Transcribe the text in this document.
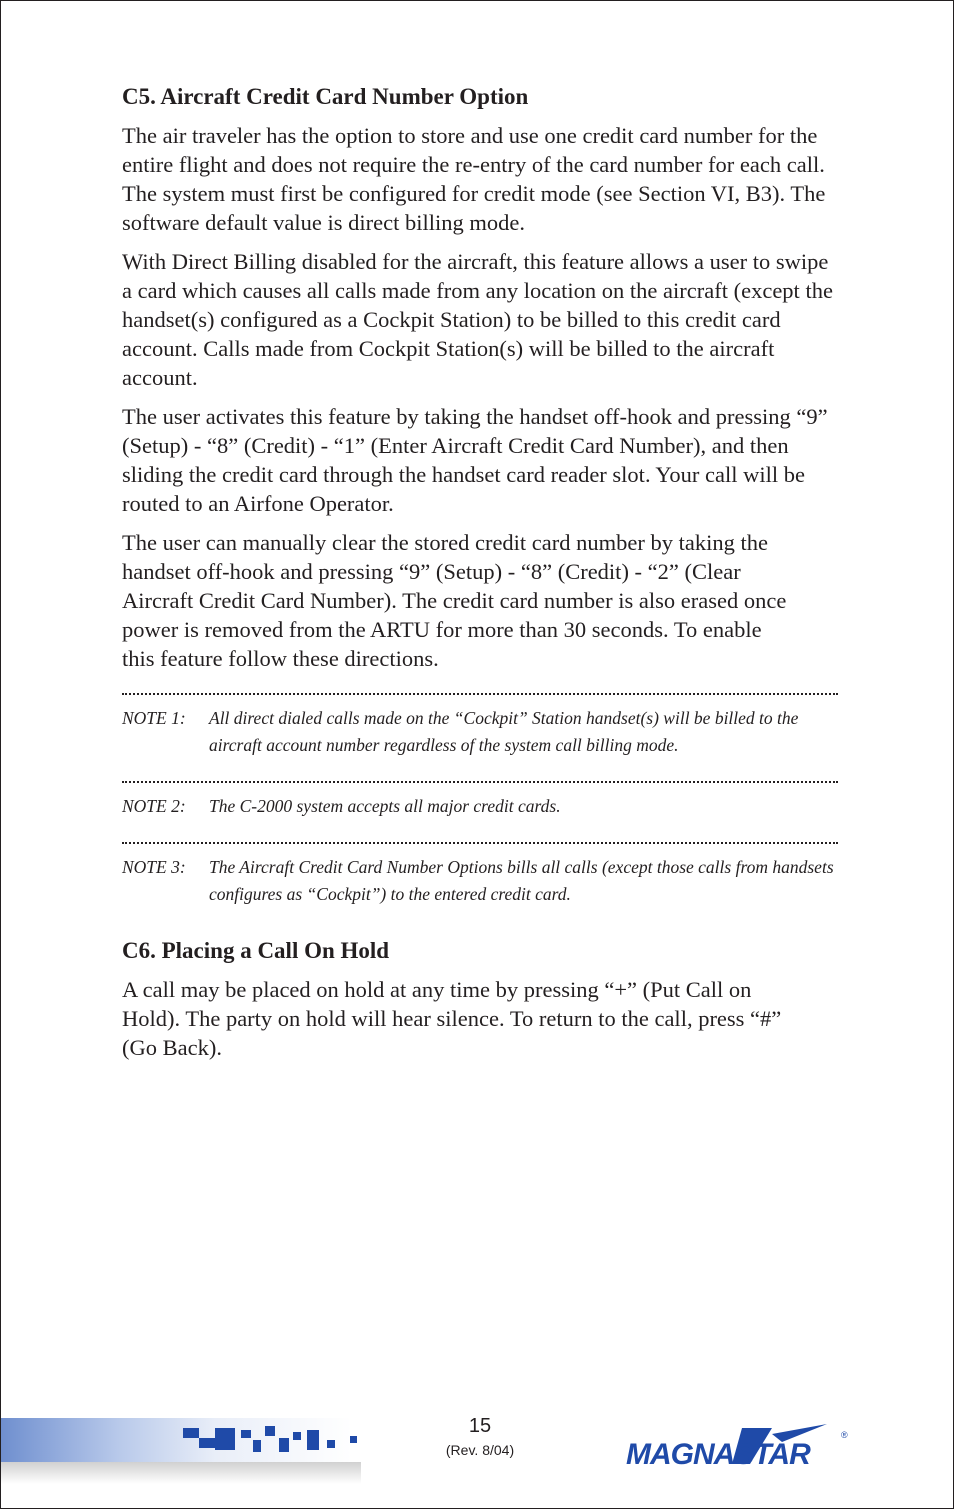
C5. Aircraft Credit Card Number Option

The air traveler has the option to store and use one credit card number for the entire flight and does not require the re-entry of the card number for each call. The system must first be configured for credit mode (see Section VI, B3). The software default value is direct billing mode.

With Direct Billing disabled for the aircraft, this feature allows a user to swipe a card which causes all calls made from any location on the aircraft (except the handset(s) configured as a Cockpit Station) to be billed to this credit card account. Calls made from Cockpit Station(s) will be billed to the aircraft account.

The user activates this feature by taking the handset off-hook and pressing “9” (Setup) - “8” (Credit) - “1” (Enter Aircraft Credit Card Number), and then sliding the credit card through the handset card reader slot. Your call will be routed to an Airfone Operator.

The user can manually clear the stored credit card number by taking the handset off-hook and pressing “9” (Setup) - “8” (Credit) - “2” (Clear Aircraft Credit Card Number). The credit card number is also erased once power is removed from the ARTU for more than 30 seconds. To enable this feature follow these directions.

NOTE 1:	All direct dialed calls made on the “Cockpit” Station handset(s) will be billed to the aircraft account number regardless of the system call billing mode.
NOTE 2:	The C-2000 system accepts all major credit cards.
NOTE 3:	The Aircraft Credit Card Number Options bills all calls (except those calls from handsets configures as “Cockpit”) to the entered credit card.
C6. Placing a Call On Hold

A call may be placed on hold at any time by pressing “+” (Put Call on Hold). The party on hold will hear silence. To return to the call, press “#” (Go Back).

15
(Rev. 8/04)	MAGNASTAR
®
